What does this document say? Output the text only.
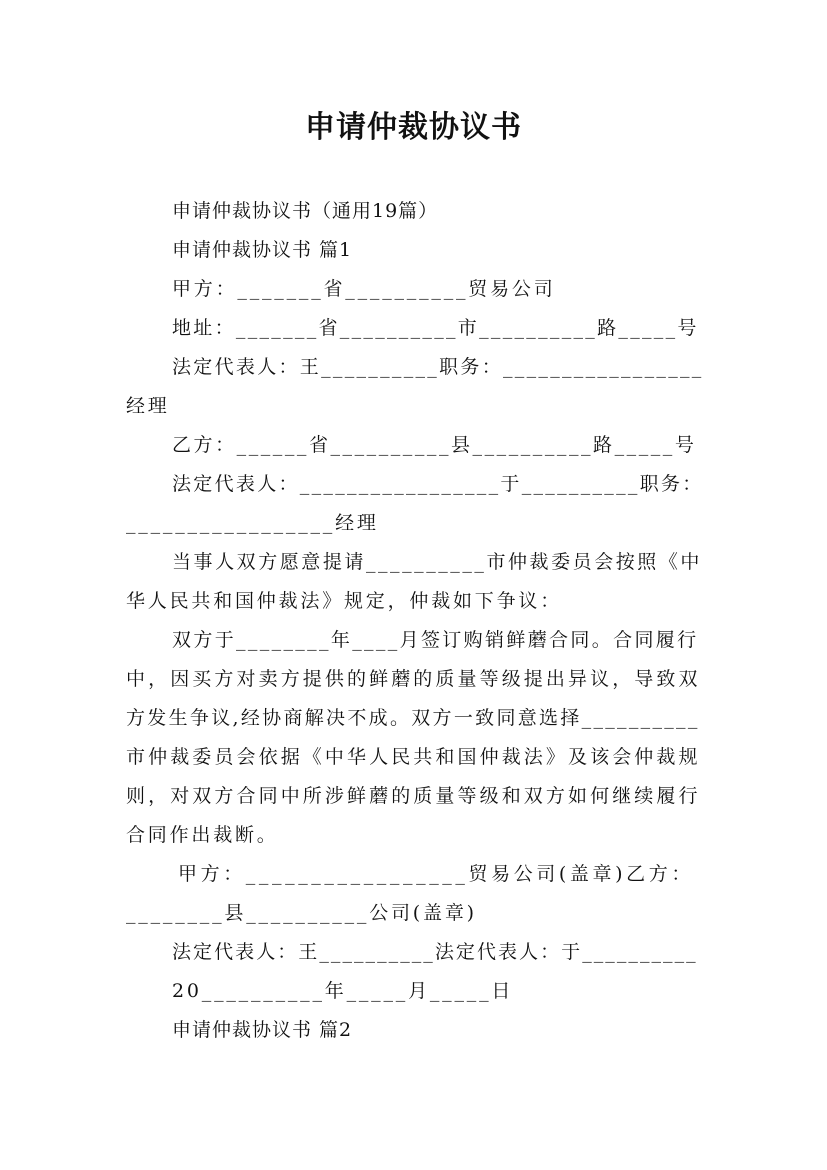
申请仲裁协议书

申请仲裁协议书（通用19篇）

申请仲裁协议书 篇1

甲方：_______省__________贸易公司

地址：_______省__________市__________路_____号

法定代表人：王__________职务：_________________

经理

乙方：______省__________县__________路_____号

法定代表人：_________________于__________职务：

_________________经理

当事人双方愿意提请__________市仲裁委员会按照《中

华人民共和国仲裁法》规定，仲裁如下争议：

双方于________年____月签订购销鲜蘑合同。合同履行

中，因买方对卖方提供的鲜蘑的质量等级提出异议，导致双

方发生争议,经协商解决不成。双方一致同意选择__________

市仲裁委员会依据《中华人民共和国仲裁法》及该会仲裁规

则，对双方合同中所涉鲜蘑的质量等级和双方如何继续履行

合同作出裁断。

甲方：_________________贸易公司(盖章)乙方：

________县__________公司(盖章)

法定代表人：王__________法定代表人：于__________

20__________年_____月_____日

申请仲裁协议书 篇2
